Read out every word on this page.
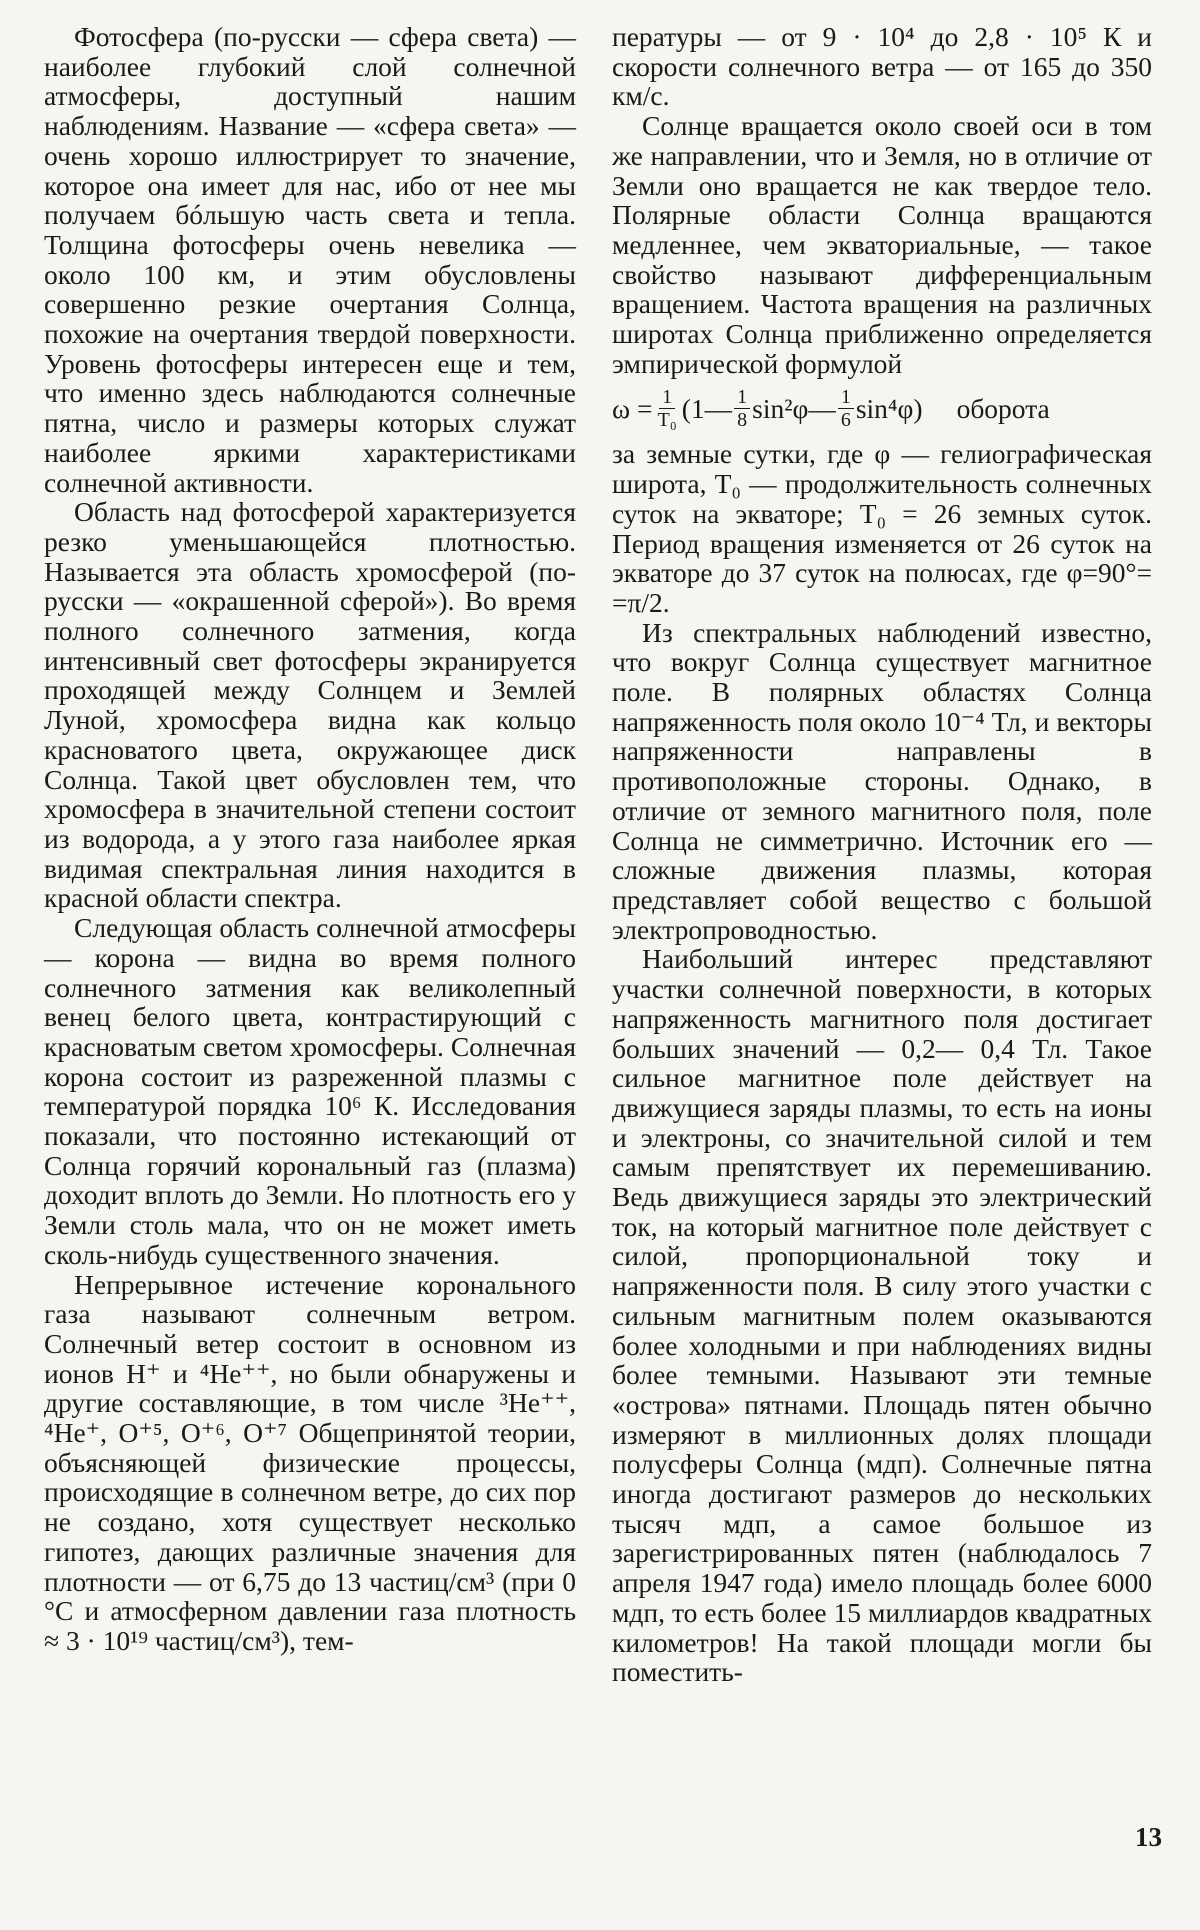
Фотосфера (по-русски — сфера света) — наиболее глубокий слой солнечной атмосферы, доступный нашим наблюдениям. Название — «сфера света» — очень хорошо иллюстрирует то значение, которое она имеет для нас, ибо от нее мы получаем бóльшую часть света и тепла. Толщина фотосферы очень невелика — около 100 км, и этим обусловлены совершенно резкие очертания Солнца, похожие на очертания твердой поверхности. Уровень фотосферы интересен еще и тем, что именно здесь наблюдаются солнечные пятна, число и размеры которых служат наиболее яркими характеристиками солнечной активности.

Область над фотосферой характеризуется резко уменьшающейся плотностью. Называется эта область хромосферой (по-русски — «окрашенной сферой»). Во время полного солнечного затмения, когда интенсивный свет фотосферы экранируется проходящей между Солнцем и Землей Луной, хромосфера видна как кольцо красноватого цвета, окружающее диск Солнца. Такой цвет обусловлен тем, что хромосфера в значительной степени состоит из водорода, а у этого газа наиболее яркая видимая спектральная линия находится в красной области спектра.

Следующая область солнечной атмосферы — корона — видна во время полного солнечного затмения как великолепный венец белого цвета, контрастирующий с красноватым светом хромосферы. Солнечная корона состоит из разреженной плазмы с температурой порядка 10⁶ К. Исследования показали, что постоянно истекающий от Солнца горячий корональный газ (плазма) доходит вплоть до Земли. Но плотность его у Земли столь мала, что он не может иметь сколь-нибудь существенного значения.

Непрерывное истечение коронального газа называют солнечным ветром. Солнечный ветер состоит в основном из ионов H⁺ и ⁴He⁺⁺, но были обнаружены и другие составляющие, в том числе ³He⁺⁺, ⁴He⁺, O⁺⁵, O⁺⁶, O⁺⁷ Общепринятой теории, объясняющей физические процессы, происходящие в солнечном ветре, до сих пор не создано, хотя существует несколько гипотез, дающих различные значения для плотности — от 6,75 до 13 частиц/см³ (при 0 °С и атмосферном давлении газа плотность ≈ 3 · 10¹⁹ частиц/см³), тем-

пературы — от 9 · 10⁴ до 2,8 · 10⁵ К и скорости солнечного ветра — от 165 до 350 км/с.

Солнце вращается около своей оси в том же направлении, что и Земля, но в отличие от Земли оно вращается не как твердое тело. Полярные области Солнца вращаются медленнее, чем экваториальные, — такое свойство называют дифференциальным вращением. Частота вращения на различных широтах Солнца приближенно определяется эмпирической формулой

$\omega = \frac{1}{\text{T₀}}$ (1— $\frac{1}{8}$ sin²φ— $\frac{1}{6} \sin^4\varphi$) оборота

за земные сутки, где φ — гелиографическая широта, T₀ — продолжительность солнечных суток на экваторе; T₀ = 26 земных суток. Период вращения изменяется от 26 суток на экваторе до 37 суток на полюсах, где φ=90°= =π/2.

Из спектральных наблюдений известно, что вокруг Солнца существует магнитное поле. В полярных областях Солнца напряженность поля около 10⁻⁴ Тл, и векторы напряженности направлены в противоположные стороны. Однако, в отличие от земного магнитного поля, поле Солнца не симметрично. Источник его — сложные движения плазмы, которая представляет собой вещество с большой электропроводностью.

Наибольший интерес представляют участки солнечной поверхности, в которых напряженность магнитного поля достигает больших значений — 0,2— 0,4 Тл. Такое сильное магнитное поле действует на движущиеся заряды плазмы, то есть на ионы и электроны, со значительной силой и тем самым препятствует их перемешиванию. Ведь движущиеся заряды это электрический ток, на который магнитное поле действует с силой, пропорциональной току и напряженности поля. В силу этого участки с сильным магнитным полем оказываются более холодными и при наблюдениях видны более темными. Называют эти темные «острова» пятнами. Площадь пятен обычно измеряют в миллионных долях площади полусферы Солнца (мдп). Солнечные пятна иногда достигают размеров до нескольких тысяч мдп, а самое большое из зарегистрированных пятен (наблюдалось 7 апреля 1947 года) имело площадь более 6000 мдп, то есть более 15 миллиардов квадратных километров! На такой площади могли бы поместить-

13
